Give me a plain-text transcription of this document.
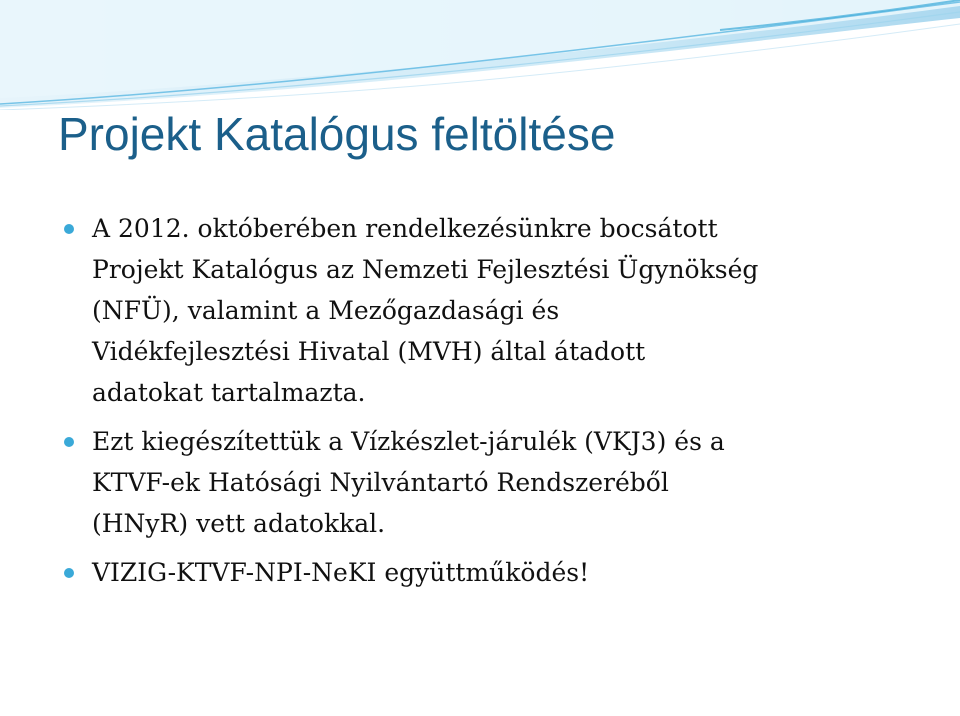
Projekt Katalógus feltöltése
A 2012. októberében rendelkezésünkre bocsátott
Projekt Katalógus az Nemzeti Fejlesztési Ügynökség
(NFÜ), valamint a Mezőgazdasági és
Vidékfejlesztési Hivatal (MVH) által átadott
adatokat tartalmazta.
Ezt kiegészítettük a Vízkészlet-járulék (VKJ3) és a
KTVF-ek Hatósági Nyilvántartó Rendszeréből
(HNyR) vett adatokkal.
VIZIG-KTVF-NPI-NeKI együttműködés!
